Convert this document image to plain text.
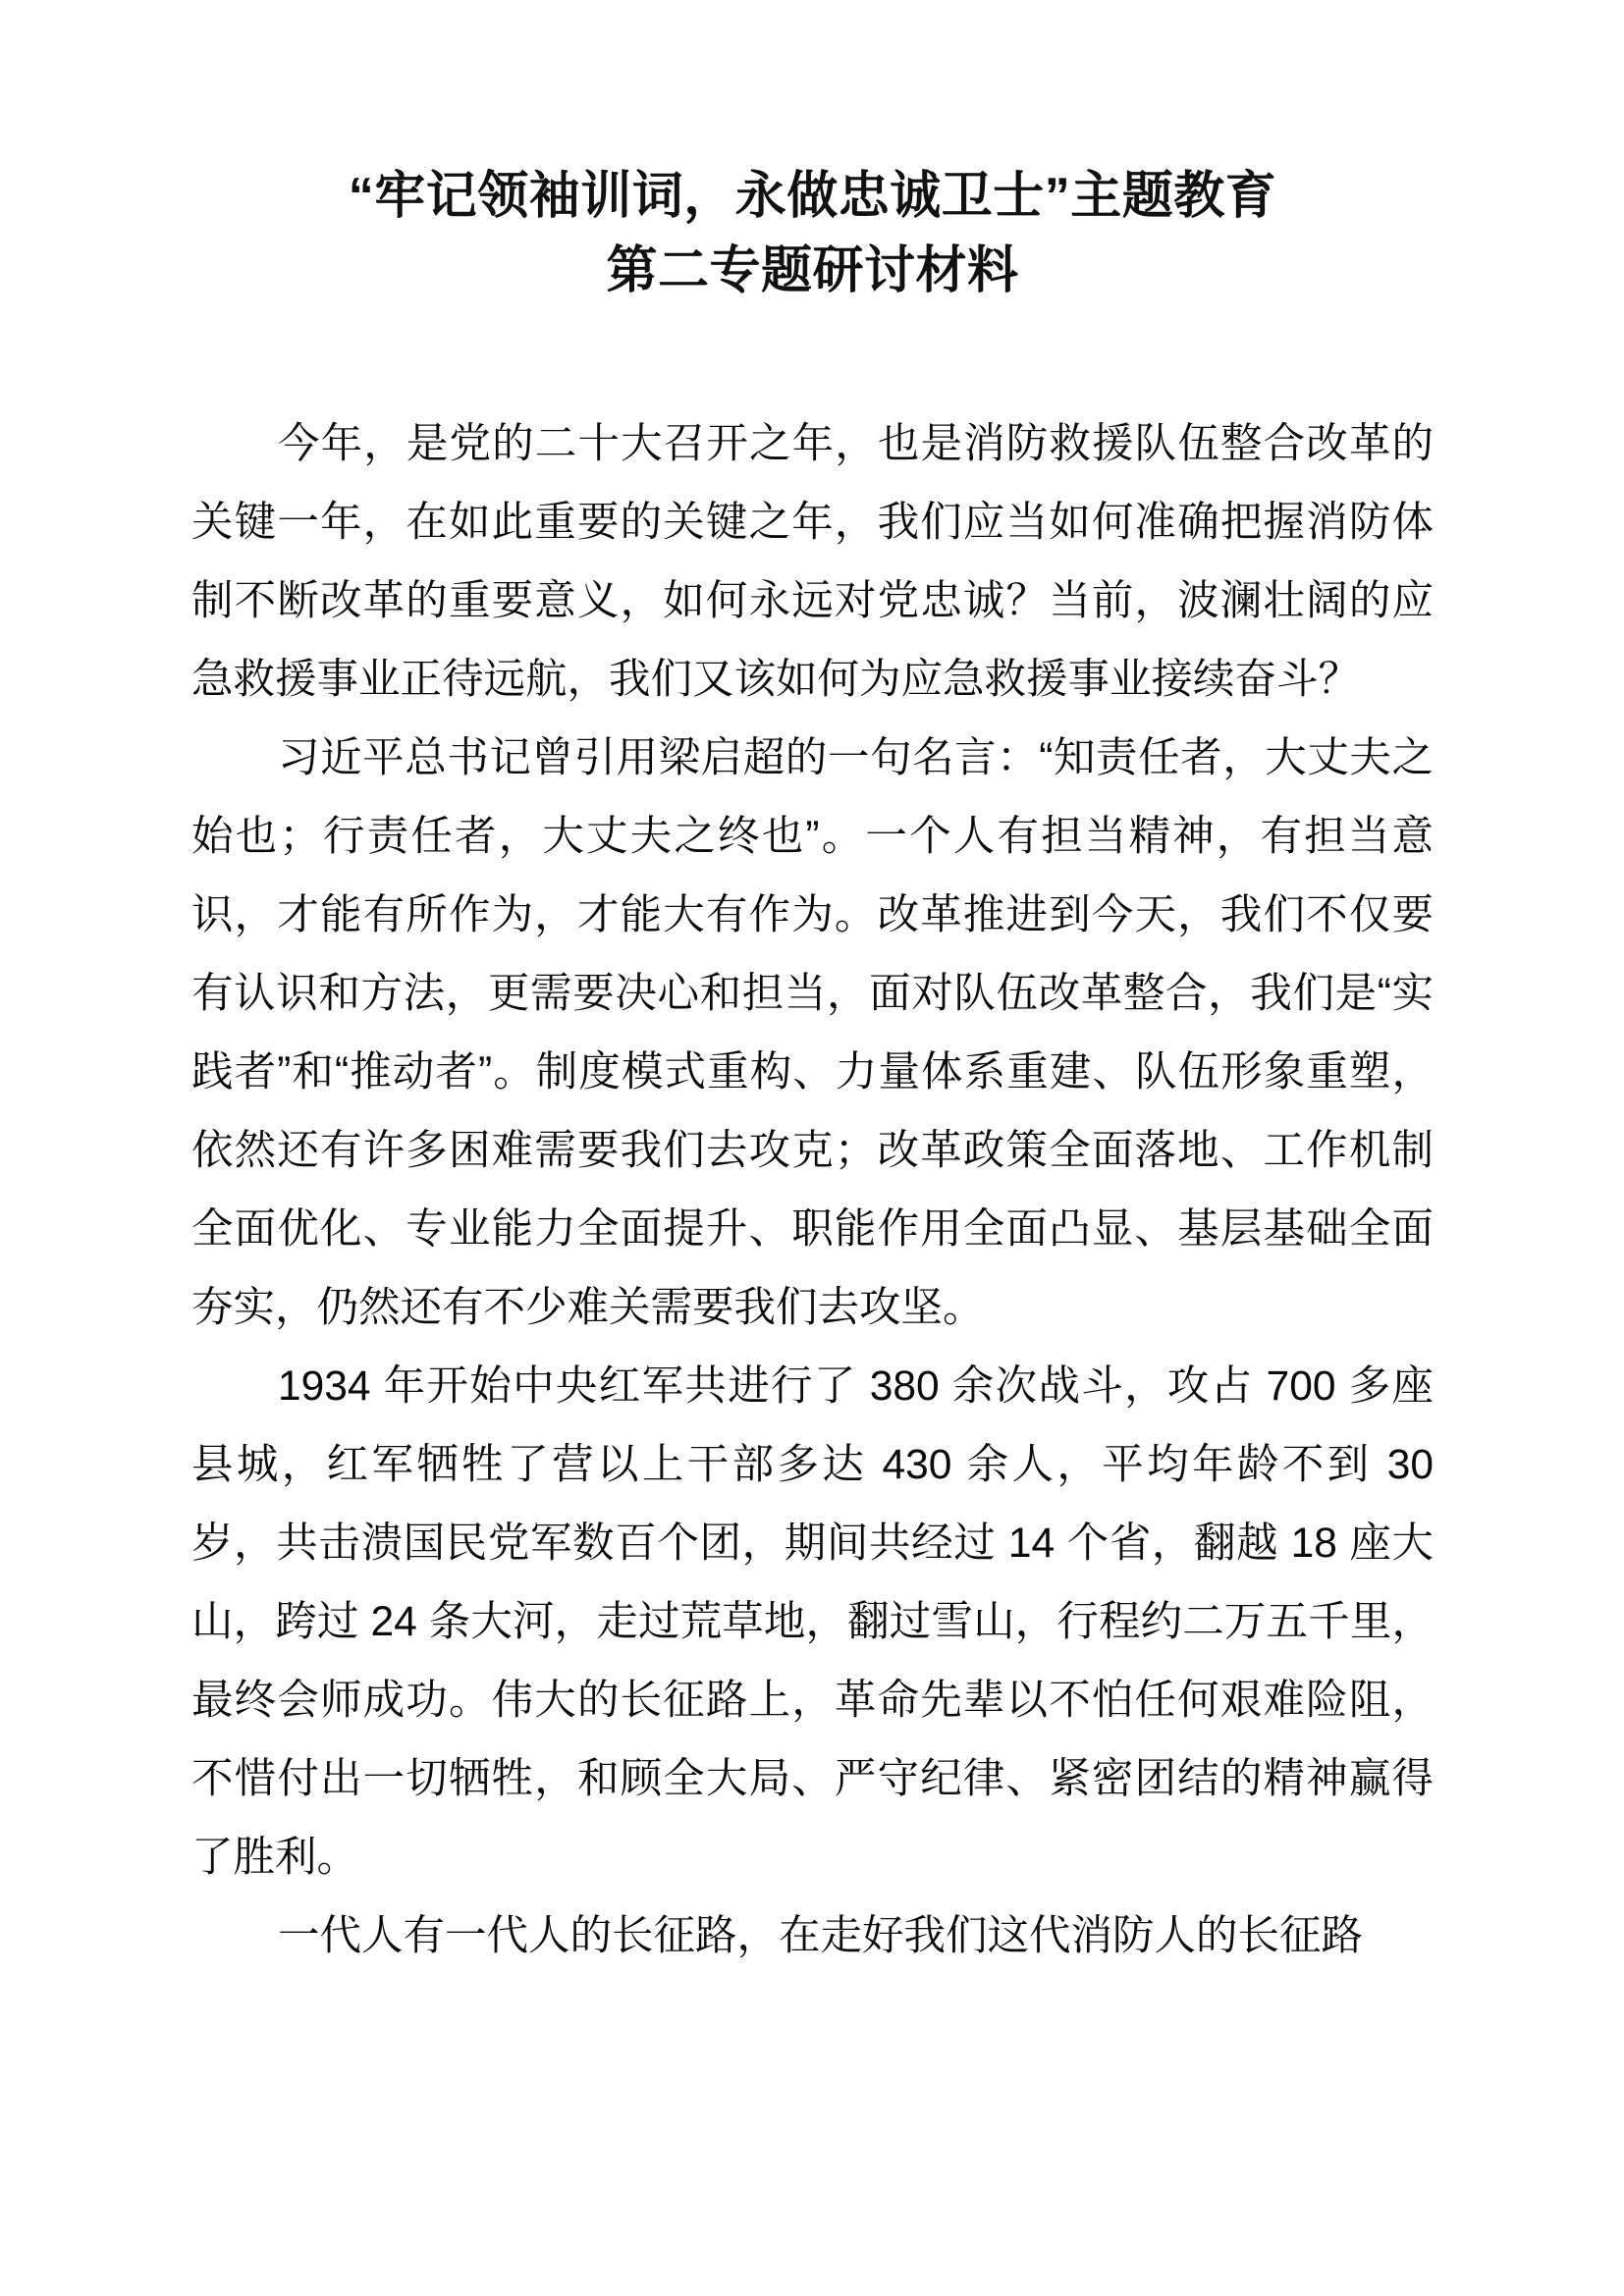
“牢记领袖训词，永做忠诚卫士”主题教育
第二专题研讨材料

今年，是党的二十大召开之年，也是消防救援队伍整合改革的关键一年，在如此重要的关键之年，我们应当如何准确把握消防体制不断改革的重要意义，如何永远对党忠诚？当前，波澜壮阔的应急救援事业正待远航，我们又该如何为应急救援事业接续奋斗？

习近平总书记曾引用梁启超的一句名言：“知责任者，大丈夫之始也；行责任者，大丈夫之终也”。一个人有担当精神，有担当意识，才能有所作为，才能大有作为。改革推进到今天，我们不仅要有认识和方法，更需要决心和担当，面对队伍改革整合，我们是“实践者”和“推动者”。制度模式重构、力量体系重建、队伍形象重塑，依然还有许多困难需要我们去攻克；改革政策全面落地、工作机制全面优化、专业能力全面提升、职能作用全面凸显、基层基础全面夯实，仍然还有不少难关需要我们去攻坚。

1934 年开始中央红军共进行了 380 余次战斗，攻占 700 多座县城，红军牺牲了营以上干部多达 430 余人，平均年龄不到 30 岁，共击溃国民党军数百个团，期间共经过 14 个省，翻越 18 座大山，跨过 24 条大河，走过荒草地，翻过雪山，行程约二万五千里，最终会师成功。伟大的长征路上，革命先辈以不怕任何艰难险阻，不惜付出一切牺牲，和顾全大局、严守纪律、紧密团结的精神赢得了胜利。

一代人有一代人的长征路，在走好我们这代消防人的长征路
